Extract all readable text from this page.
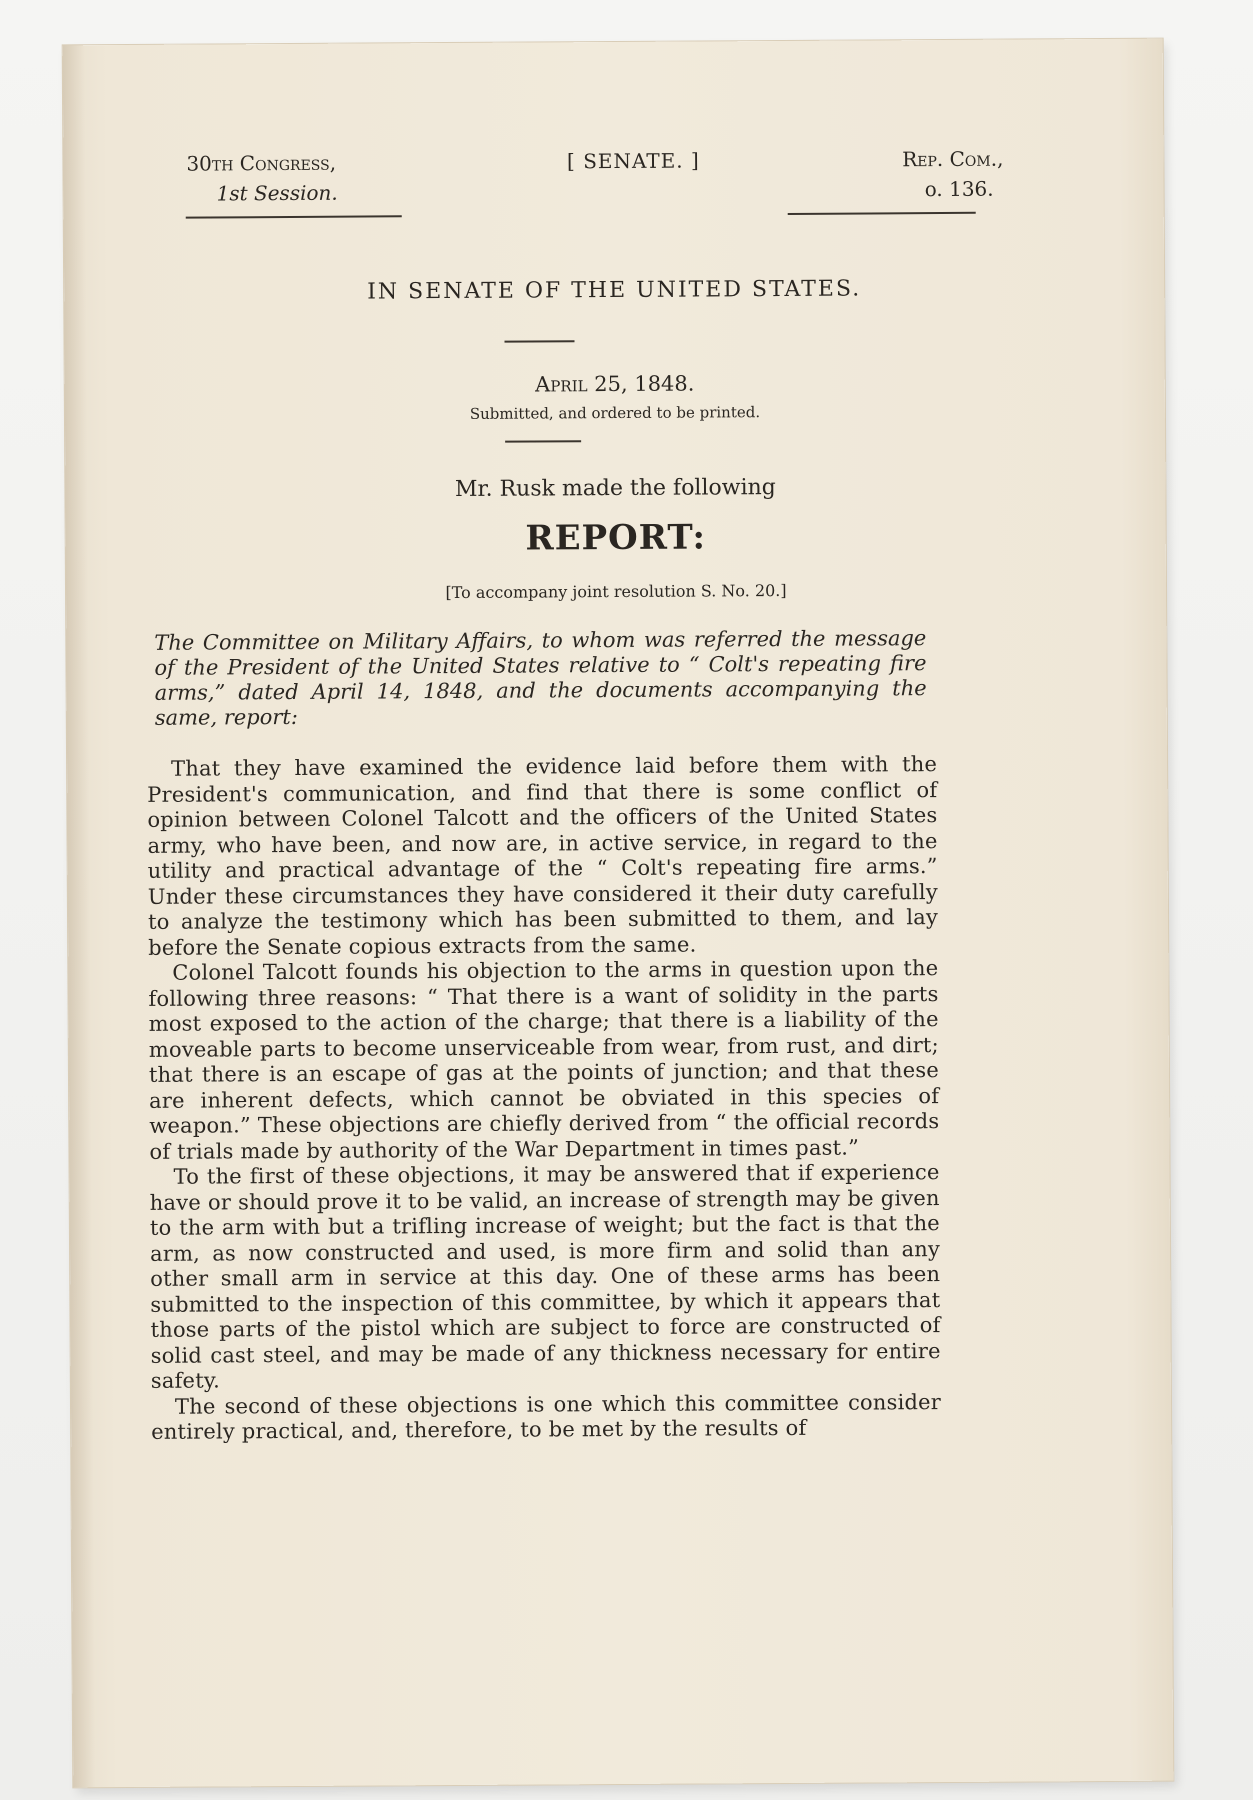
30th Congress,
1st Session.
[ SENATE. ]	Rep. Com.,
o. 136.
IN SENATE OF THE UNITED STATES.
April 25, 1848.
Submitted, and ordered to be printed.
Mr. Rusk made the following
REPORT:
[To accompany joint resolution S. No. 20.]
The Committee on Military Affairs, to whom was referred the message of the President of the United States relative to “ Colt's repeating fire arms,” dated April 14, 1848, and the documents accompanying the same, report:

That they have examined the evidence laid before them with the President's communication, and find that there is some conflict of opinion between Colonel Talcott and the officers of the United States army, who have been, and now are, in active service, in regard to the utility and practical advantage of the “ Colt's repeating fire arms.” Under these circumstances they have considered it their duty carefully to analyze the testimony which has been submitted to them, and lay before the Senate copious extracts from the same.

Colonel Talcott founds his objection to the arms in question upon the following three reasons: “ That there is a want of solidity in the parts most exposed to the action of the charge; that there is a liability of the moveable parts to become unserviceable from wear, from rust, and dirt; that there is an escape of gas at the points of junction; and that these are inherent defects, which cannot be obviated in this species of weapon.” These objections are chiefly derived from “ the official records of trials made by authority of the War Department in times past.”

To the first of these objections, it may be answered that if experience have or should prove it to be valid, an increase of strength may be given to the arm with but a trifling increase of weight; but the fact is that the arm, as now constructed and used, is more firm and solid than any other small arm in service at this day. One of these arms has been submitted to the inspection of this committee, by which it appears that those parts of the pistol which are subject to force are constructed of solid cast steel, and may be made of any thickness necessary for entire safety.

The second of these objections is one which this committee consider entirely practical, and, therefore, to be met by the results of
